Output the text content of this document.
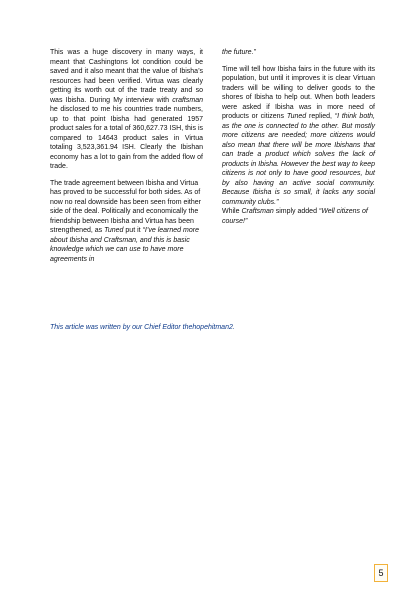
This was a huge discovery in many ways, it meant that Cashingtons lot condition could be saved and it also meant that the value of Ibisha’s resources had been verified. Virtua was clearly getting its worth out of the trade treaty and so was Ibisha. During My interview with craftsman he disclosed to me his countries trade numbers, up to that point Ibisha had generated 1957 product sales for a total of 360,627.73 ISH, this is compared to 14643 product sales in Virtua totaling 3,523,361.94 ISH. Clearly the Ibishan economy has a lot to gain from the added flow of trade.

The trade agreement between Ibisha and Virtua has proved to be successful for both sides. As of now no real downside has been seen from either side of the deal. Politically and economically the friendship between Ibisha and Virtua has been strengthened, as Tuned put it “I’ve learned more about Ibisha and Craftsman, and this is basic knowledge which we can use to have more agreements in

the future.”

Time will tell how Ibisha fairs in the future with its population, but until it improves it is clear Virtuan traders will be willing to deliver goods to the shores of Ibisha to help out. When both leaders were asked if Ibisha was in more need of products or citizens Tuned replied, “I think both, as the one is connected to the other. But mostly more citizens are needed; more citizens would also mean that there will be more Ibishans that can trade a product which solves the lack of products in Ibisha. However the best way to keep citizens is not only to have good resources, but by also having an active social community. Because Ibisha is so small, it lacks any social community clubs.”

While Craftsman simply added “Well citizens of course!”

This article was written by our Chief Editor thehopehitman2.
5
